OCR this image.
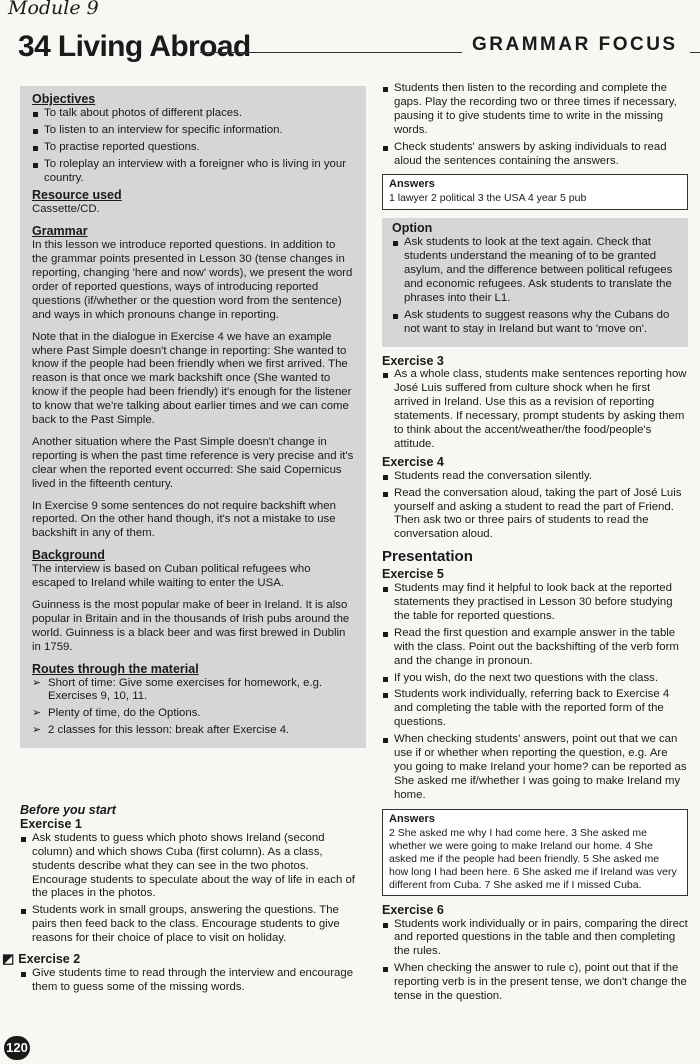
Module 9
34 Living Abroad	GRAMMAR FOCUS
Objectives
To talk about photos of different places.
To listen to an interview for specific information.
To practise reported questions.
To roleplay an interview with a foreigner who is living in your country.
Resource used

Cassette/CD.

Grammar

In this lesson we introduce reported questions. In addition to the grammar points presented in Lesson 30 (tense changes in reporting, changing 'here and now' words), we present the word order of reported questions, ways of introducing reported questions (if/whether or the question word from the sentence) and ways in which pronouns change in reporting.

Note that in the dialogue in Exercise 4 we have an example where Past Simple doesn't change in reporting: She wanted to know if the people had been friendly when we first arrived. The reason is that once we mark backshift once (She wanted to know if the people had been friendly) it's enough for the listener to know that we're talking about earlier times and we can come back to the Past Simple.

Another situation where the Past Simple doesn't change in reporting is when the past time reference is very precise and it's clear when the reported event occurred: She said Copernicus lived in the fifteenth century.

In Exercise 9 some sentences do not require backshift when reported. On the other hand though, it's not a mistake to use backshift in any of them.

Background

The interview is based on Cuban political refugees who escaped to Ireland while waiting to enter the USA.

Guinness is the most popular make of beer in Ireland. It is also popular in Britain and in the thousands of Irish pubs around the world. Guinness is a black beer and was first brewed in Dublin in 1759.

Routes through the material
➢ Short of time: Give some exercises for homework, e.g. Exercises 9, 10, 11.
➢ Plenty of time, do the Options.
➢ 2 classes for this lesson: break after Exercise 4.
Before you start
Exercise 1
Ask students to guess which photo shows Ireland (second column) and which shows Cuba (first column). As a class, students describe what they can see in the two photos. Encourage students to speculate about the way of life in each of the places in the photos.
Students work in small groups, answering the questions. The pairs then feed back to the class. Encourage students to give reasons for their choice of place to visit on holiday.
◩ Exercise 2
Give students time to read through the interview and encourage them to guess some of the missing words.
120
Students then listen to the recording and complete the gaps. Play the recording two or three times if necessary, pausing it to give students time to write in the missing words.
Check students' answers by asking individuals to read aloud the sentences containing the answers.
Answers
1 lawyer 2 political 3 the USA 4 year 5 pub
Option
Ask students to look at the text again. Check that students understand the meaning of to be granted asylum, and the difference between political refugees and economic refugees. Ask students to translate the phrases into their L1.
Ask students to suggest reasons why the Cubans do not want to stay in Ireland but want to 'move on'.
Exercise 3
As a whole class, students make sentences reporting how José Luis suffered from culture shock when he first arrived in Ireland. Use this as a revision of reporting statements. If necessary, prompt students by asking them to think about the accent/weather/the food/people's attitude.
Exercise 4
Students read the conversation silently.
Read the conversation aloud, taking the part of José Luis yourself and asking a student to read the part of Friend. Then ask two or three pairs of students to read the conversation aloud.
Presentation
Exercise 5
Students may find it helpful to look back at the reported statements they practised in Lesson 30 before studying the table for reported questions.
Read the first question and example answer in the table with the class. Point out the backshifting of the verb form and the change in pronoun.
If you wish, do the next two questions with the class.
Students work individually, referring back to Exercise 4 and completing the table with the reported form of the questions.
When checking students' answers, point out that we can use if or whether when reporting the question, e.g. Are you going to make Ireland your home? can be reported as She asked me if/whether I was going to make Ireland my home.
Answers
2 She asked me why I had come here. 3 She asked me whether we were going to make Ireland our home. 4 She asked me if the people had been friendly. 5 She asked me how long I had been here. 6 She asked me if Ireland was very different from Cuba. 7 She asked me if I missed Cuba.
Exercise 6
Students work individually or in pairs, comparing the direct and reported questions in the table and then completing the rules.
When checking the answer to rule c), point out that if the reporting verb is in the present tense, we don't change the tense in the question.
